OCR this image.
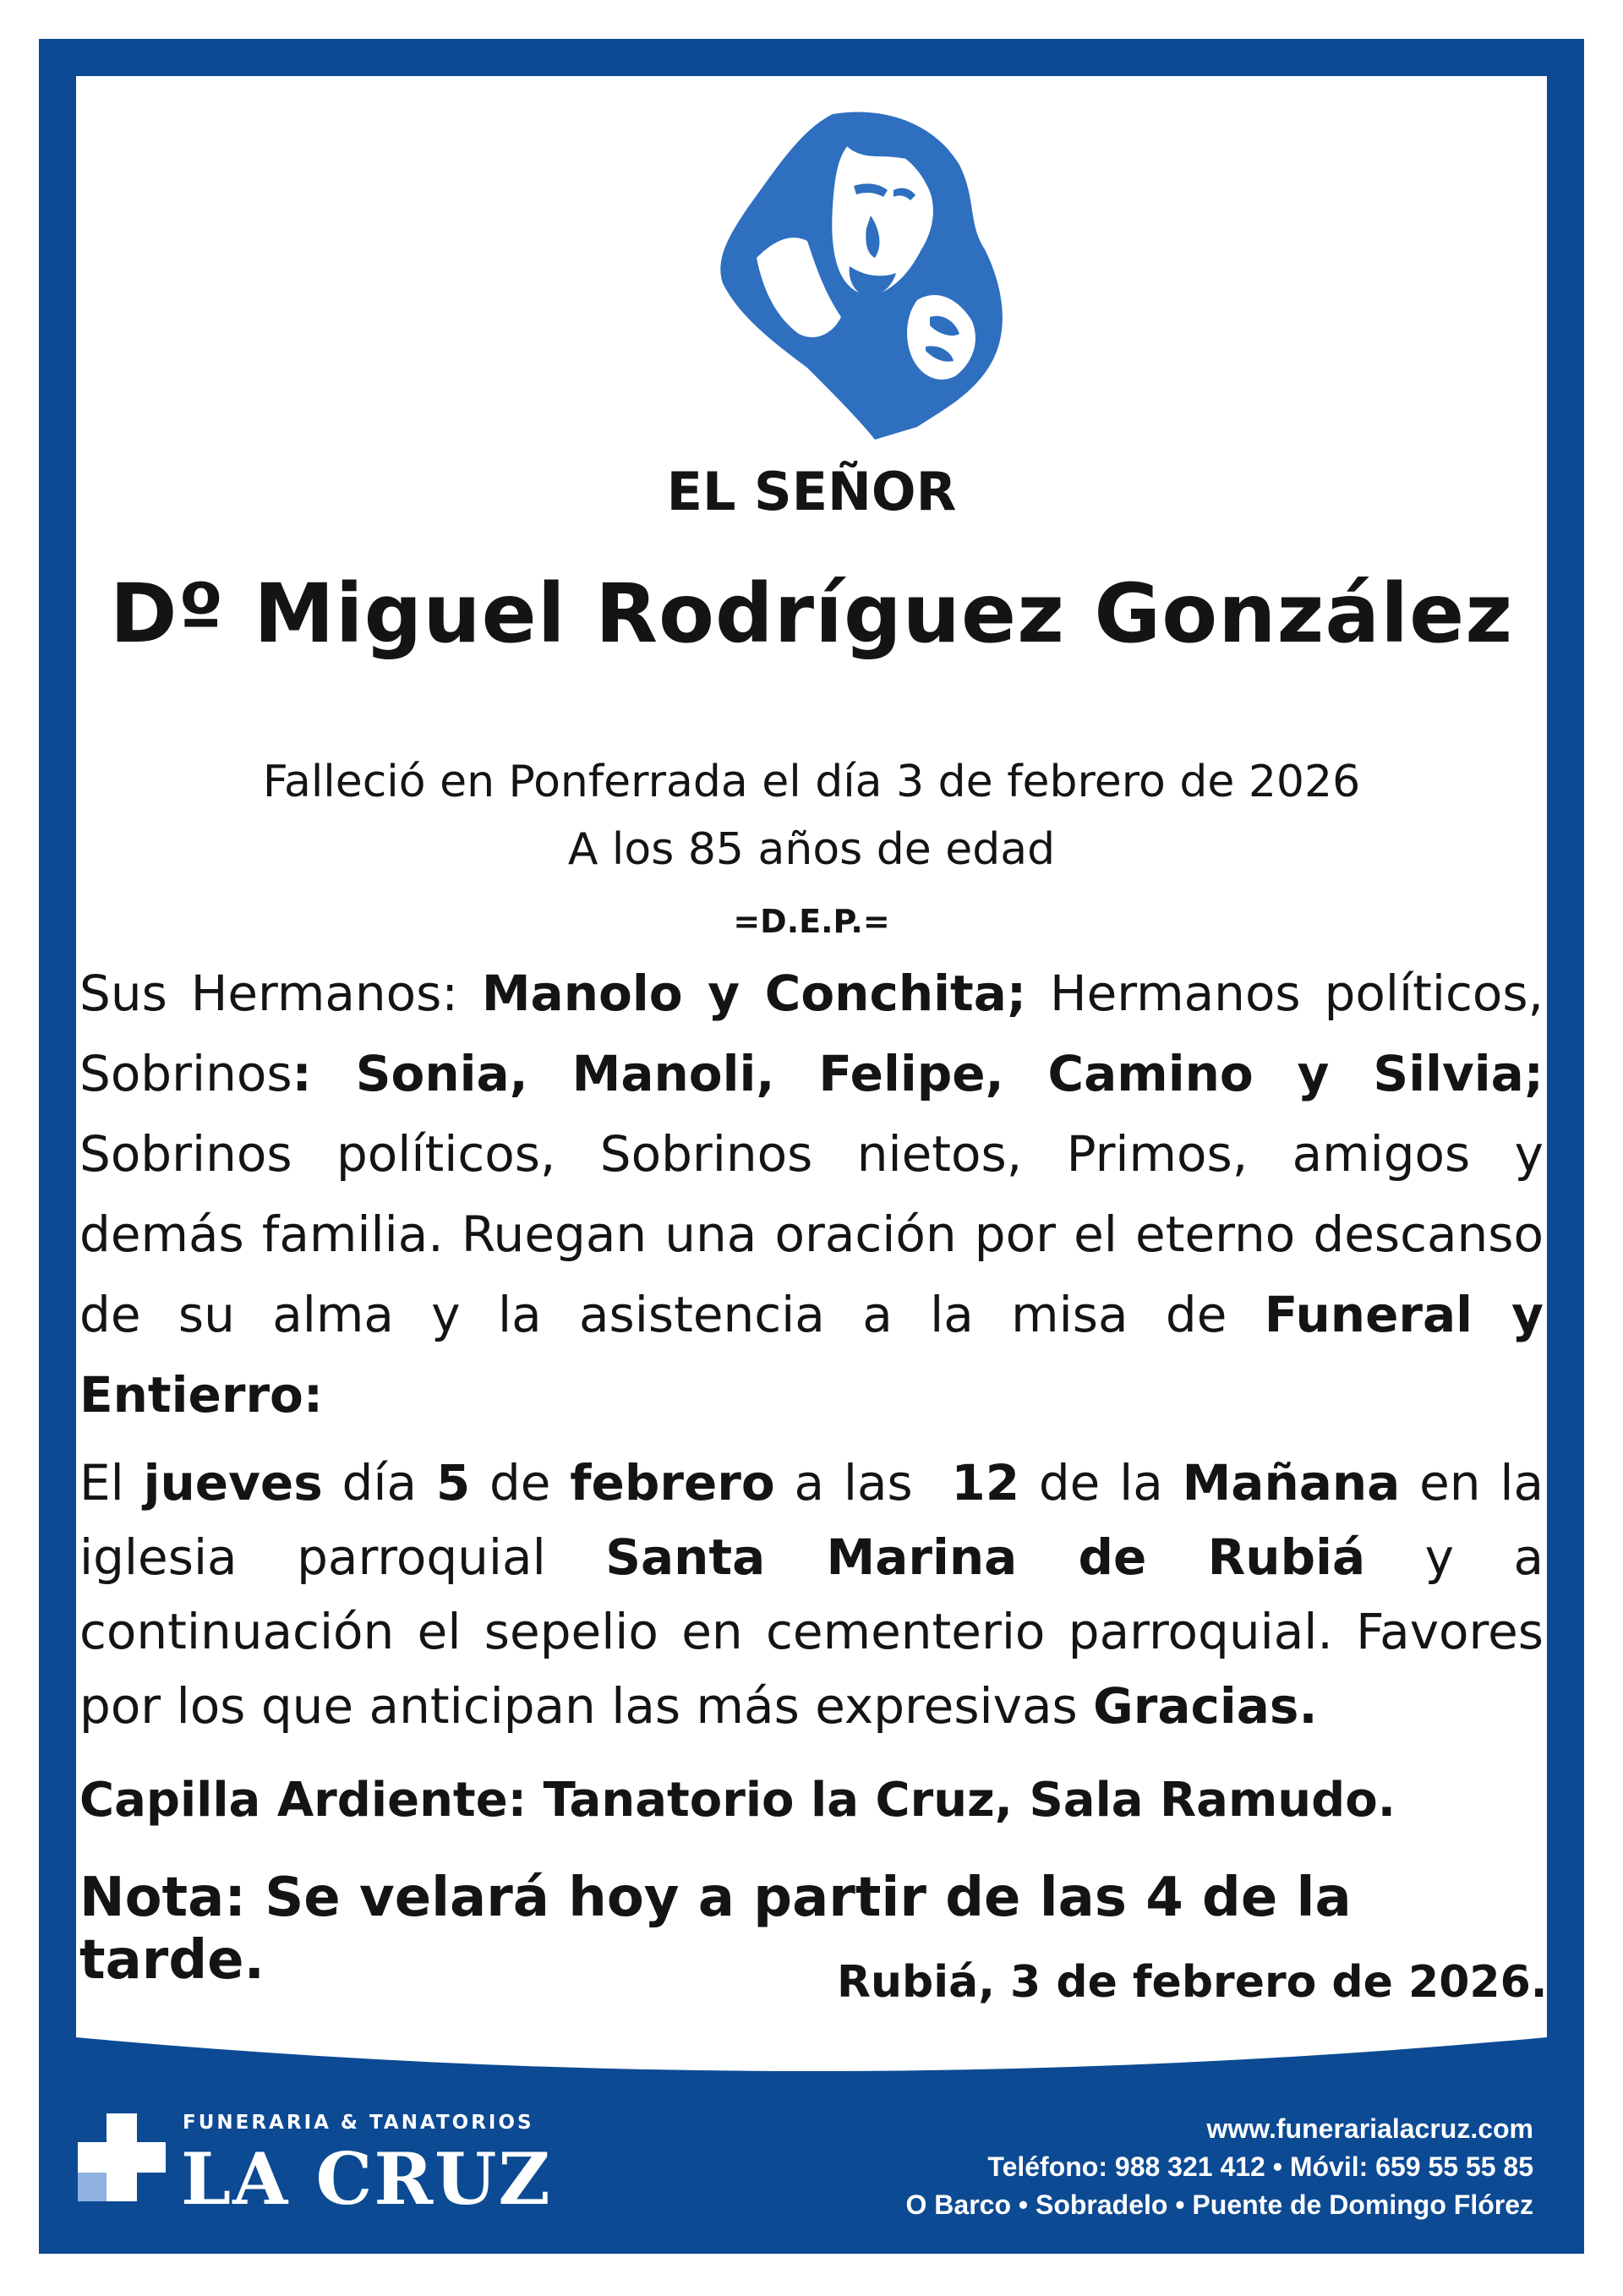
EL SEÑOR
Dº Miguel Rodríguez González
Falleció en Ponferrada el día 3 de febrero de 2026
A los 85 años de edad
=D.E.P.=
Sus Hermanos: Manolo y Conchita; Hermanos políticos, Sobrinos: Sonia, Manoli, Felipe, Camino y Silvia; Sobrinos políticos, Sobrinos nietos, Primos, amigos y demás familia. Ruegan una oración por el eterno descanso de su alma y la asistencia a la misa de Funeral y Entierro:
El jueves día 5 de febrero a las  12 de la Mañana en la iglesia parroquial Santa Marina de Rubiá y a continuación el sepelio en cementerio parroquial. Favores por los que anticipan las más expresivas Gracias.
Capilla Ardiente: Tanatorio la Cruz, Sala Ramudo.
Nota: Se velará hoy a partir de las 4 de la tarde.	Rubiá, 3 de febrero de 2026.
FUNERARIA & TANATORIOS
LA CRUZ
www.funerarialacruz.com
Teléfono: 988 321 412 • Móvil: 659 55 55 85
O Barco • Sobradelo • Puente de Domingo Flórez
